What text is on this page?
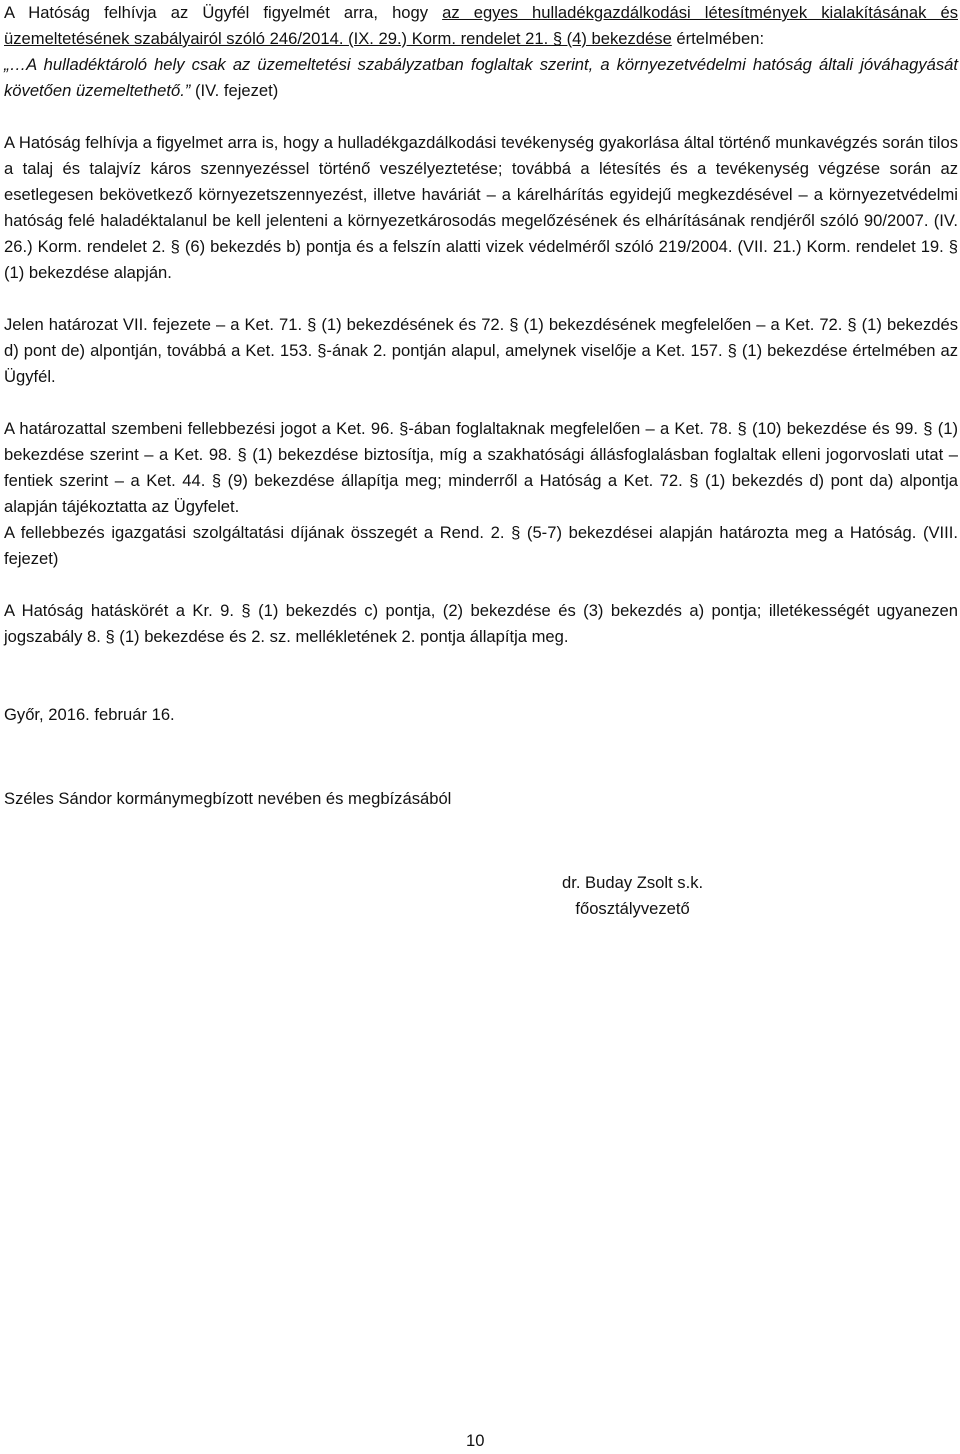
A Hatóság felhívja az Ügyfél figyelmét arra, hogy az egyes hulladékgazdálkodási létesítmények kialakításának és üzemeltetésének szabályairól szóló 246/2014. (IX. 29.) Korm. rendelet 21. § (4) bekezdése értelmében:

„…A hulladéktároló hely csak az üzemeltetési szabályzatban foglaltak szerint, a környezetvédelmi hatóság általi jóváhagyását követően üzemeltethető.” (IV. fejezet)

A Hatóság felhívja a figyelmet arra is, hogy a hulladékgazdálkodási tevékenység gyakorlása által történő munkavégzés során tilos a talaj és talajvíz káros szennyezéssel történő veszélyeztetése; továbbá a létesítés és a tevékenység végzése során az esetlegesen bekövetkező környezetszennyezést, illetve haváriát – a kárelhárítás egyidejű megkezdésével – a környezetvédelmi hatóság felé haladéktalanul be kell jelenteni a környezetkárosodás megelőzésének és elhárításának rendjéről szóló 90/2007. (IV. 26.) Korm. rendelet 2. § (6) bekezdés b) pontja és a felszín alatti vizek védelméről szóló 219/2004. (VII. 21.) Korm. rendelet 19. § (1) bekezdése alapján.

Jelen határozat VII. fejezete – a Ket. 71. § (1) bekezdésének és 72. § (1) bekezdésének megfelelően – a Ket. 72. § (1) bekezdés d) pont de) alpontján, továbbá a Ket. 153. §-ának 2. pontján alapul, amelynek viselője a Ket. 157. § (1) bekezdése értelmében az Ügyfél.

A határozattal szembeni fellebbezési jogot a Ket. 96. §-ában foglaltaknak megfelelően – a Ket. 78. § (10) bekezdése és 99. § (1) bekezdése szerint – a Ket. 98. § (1) bekezdése biztosítja, míg a szakhatósági állásfoglalásban foglaltak elleni jogorvoslati utat – fentiek szerint – a Ket. 44. § (9) bekezdése állapítja meg; minderről a Hatóság a Ket. 72. § (1) bekezdés d) pont da) alpontja alapján tájékoztatta az Ügyfelet.

A Hatóság hatáskörét a Kr. 9. § (1) bekezdés c) pontja, (2) bekezdése és (3) bekezdés a) pontja; illetékességét ugyanezen jogszabály 8. § (1) bekezdése és 2. sz. mellékletének 2. pontja állapítja meg.

A fellebbezés igazgatási szolgáltatási díjának összegét a Rend. 2. § (5-7) bekezdései alapján határozta meg a Hatóság. (VIII. fejezet)

Győr, 2016. február 16.
Széles Sándor kormánymegbízott nevében és megbízásából
dr. Buday Zsolt s.k.
főosztályvezető
10
